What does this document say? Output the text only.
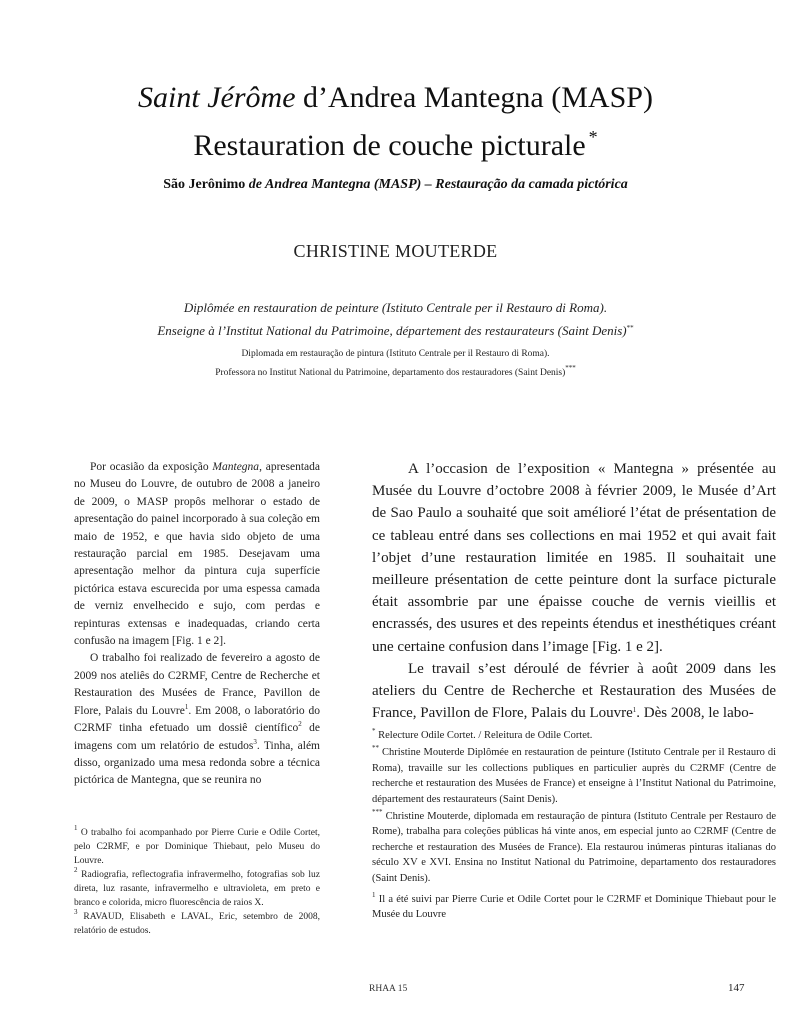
Saint Jérôme d’Andrea Mantegna (MASP)
Restauration de couche picturale *
São Jerônimo de Andrea Mantegna (MASP) – Restauração da camada pictórica
CHRISTINE MOUTERDE
Diplômée en restauration de peinture (Istituto Centrale per il Restauro di Roma).
Enseigne à l’Institut National du Patrimoine, département des restaurateurs (Saint Denis)**
Diplomada em restauração de pintura (Istituto Centrale per il Restauro di Roma).
Professora no Institut National du Patrimoine, departamento dos restauradores (Saint Denis)***

Por ocasião da exposição Mantegna, apresentada no Museu do Louvre, de outubro de 2008 a janeiro de 2009, o MASP propôs melhorar o estado de apresentação do painel incorporado à sua coleção em maio de 1952, e que havia sido objeto de uma restauração parcial em 1985. Desejavam uma apresentação melhor da pintura cuja superfície pictórica estava escurecida por uma espessa camada de verniz envelhecido e sujo, com perdas e repinturas extensas e inadequadas, criando certa confusão na imagem [Fig. 1 e 2].

O trabalho foi realizado de fevereiro a agosto de 2009 nos ateliês do C2RMF, Centre de Recherche et Restauration des Musées de France, Pavillon de Flore, Palais du Louvre$^1$. Em 2008, o laboratório do C2RMF tinha efetuado um dossiê científico$^2$ de imagens com um relatório de estudos$^3$. Tinha, além disso, organizado uma mesa redonda sobre a técnica pictórica de Mantegna, que se reunira no

A l’occasion de l’exposition « Mantegna » présentée au Musée du Louvre d’octobre 2008 à février 2009, le Musée d’Art de Sao Paulo a souhaité que soit amélioré l’état de présentation de ce tableau entré dans ses collections en mai 1952 et qui avait fait l’objet d’une restauration limitée en 1985. Il souhaitait une meilleure présentation de cette peinture dont la surface picturale était assombrie par une épaisse couche de vernis vieillis et encrassés, des usures et des repeints étendus et inesthétiques créant une certaine confusion dans l’image [Fig. 1 e 2].

Le travail s’est déroulé de février à août 2009 dans les ateliers du Centre de Recherche et Restauration des Musées de France, Pavillon de Flore, Palais du Louvre$^1$. Dès 2008, le labo-

$^1$ O trabalho foi acompanhado por Pierre Curie e Odile Cortet, pelo C2RMF, e por Dominique Thiebaut, pelo Museu do Louvre.

$^2$ Radiografia, reflectografia infravermelho, fotografias sob luz direta, luz rasante, infravermelho e ultravioleta, em preto e branco e colorida, micro fluorescência de raios X.

$^3$ RAVAUD, Elisabeth e LAVAL, Eric, setembro de 2008, relatório de estudos.

* Relecture Odile Cortet. / Releitura de Odile Cortet.

** Christine Mouterde Diplômée en restauration de peinture (Istituto Centrale per il Restauro di Roma), travaille sur les collections publiques en particulier auprès du C2RMF (Centre de recherche et restauration des Musées de France) et enseigne à l’Institut National du Patrimoine, département des restaurateurs (Saint Denis).

*** Christine Mouterde, diplomada em restauração de pintura (Istituto Centrale per Restauro de Rome), trabalha para coleções públicas há vinte anos, em especial junto ao C2RMF (Centre de recherche et restauration des Musées de France). Ela restaurou inúmeras pinturas italianas do século XV e XVI. Ensina no Institut National du Patrimoine, departamento dos restauradores (Saint Denis).

$^1$ Il a été suivi par Pierre Curie et Odile Cortet pour le C2RMF et Dominique Thiebaut pour le Musée du Louvre

RHAA 15	147
